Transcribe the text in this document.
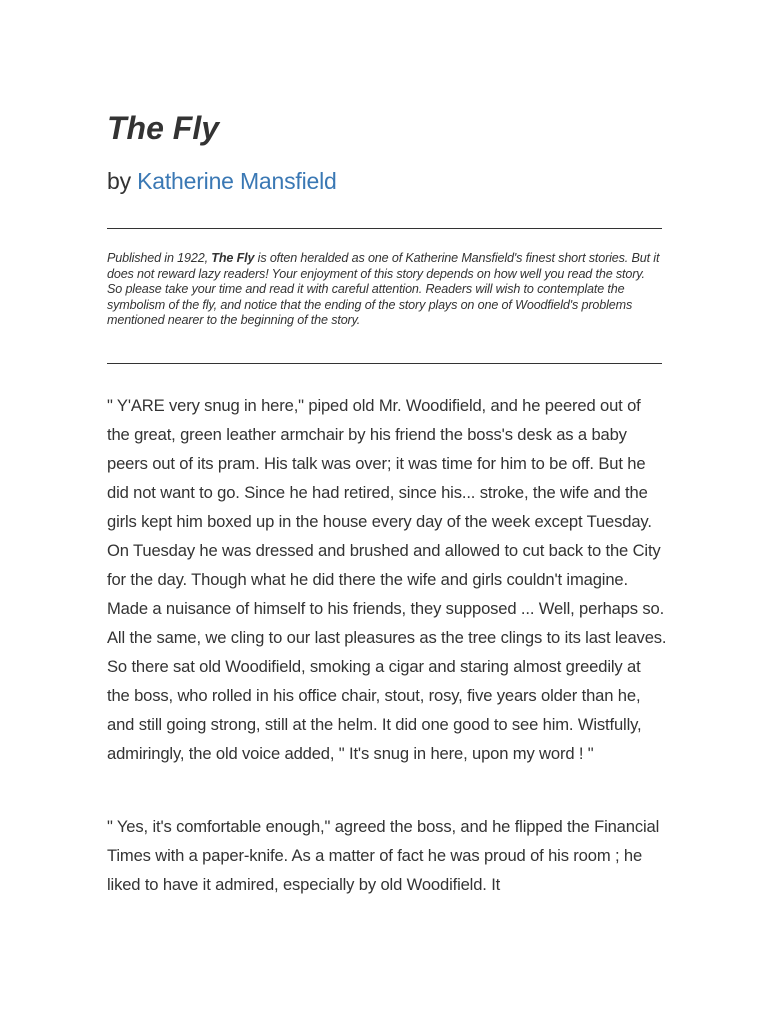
The Fly

by Katherine Mansfield

Published in 1922, The Fly is often heralded as one of Katherine Mansfield's finest short stories. But it does not reward lazy readers! Your enjoyment of this story depends on how well you read the story. So please take your time and read it with careful attention. Readers will wish to contemplate the symbolism of the fly, and notice that the ending of the story plays on one of Woodfield's problems mentioned nearer to the beginning of the story.

" Y'ARE very snug in here," piped old Mr. Woodifield, and he peered out of the great, green leather armchair by his friend the boss's desk as a baby peers out of its pram. His talk was over; it was time for him to be off. But he did not want to go. Since he had retired, since his... stroke, the wife and the girls kept him boxed up in the house every day of the week except Tuesday. On Tuesday he was dressed and brushed and allowed to cut back to the City for the day. Though what he did there the wife and girls couldn't imagine. Made a nuisance of himself to his friends, they supposed ... Well, perhaps so. All the same, we cling to our last pleasures as the tree clings to its last leaves. So there sat old Woodifield, smoking a cigar and staring almost greedily at the boss, who rolled in his office chair, stout, rosy, five years older than he, and still going strong, still at the helm. It did one good to see him. Wistfully, admiringly, the old voice added, " It's snug in here, upon my word ! "

" Yes, it's comfortable enough," agreed the boss, and he flipped the Financial Times with a paper-knife. As a matter of fact he was proud of his room ; he liked to have it admired, especially by old Woodifield. It
